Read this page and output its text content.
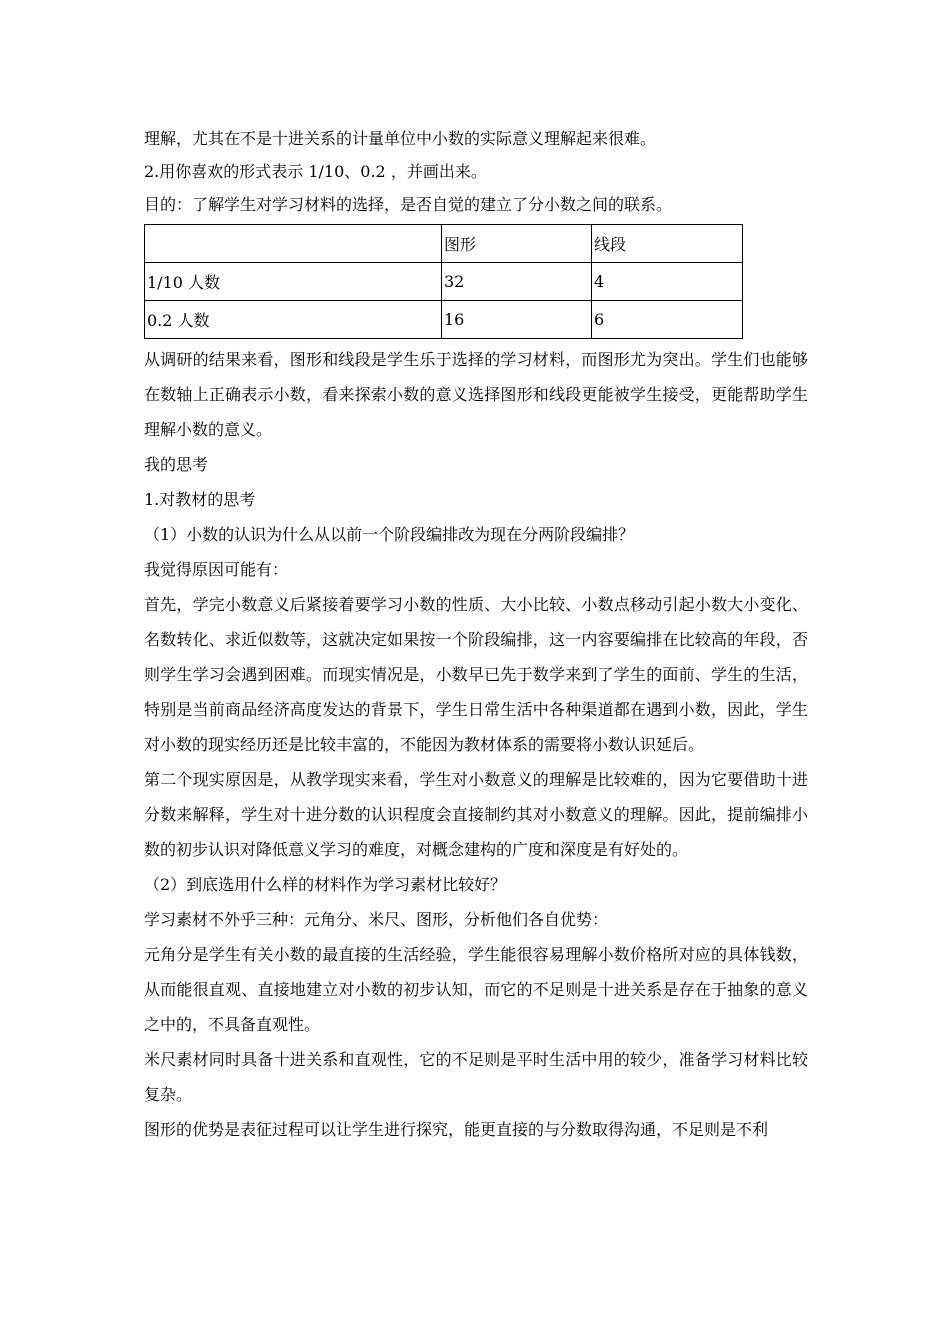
理解，尤其在不是十进关系的计量单位中小数的实际意义理解起来很难。

2.用你喜欢的形式表示 1/10、0.2 ，并画出来。

目的：了解学生对学习材料的选择，是否自觉的建立了分小数之间的联系。

	图形	线段
1/10 人数	32	4
0.2 人数	16	6

从调研的结果来看，图形和线段是学生乐于选择的学习材料，而图形尤为突出。学生们也能够在数轴上正确表示小数，看来探索小数的意义选择图形和线段更能被学生接受，更能帮助学生理解小数的意义。

我的思考

1.对教材的思考

（1）小数的认识为什么从以前一个阶段编排改为现在分两阶段编排？

我觉得原因可能有：

首先，学完小数意义后紧接着要学习小数的性质、大小比较、小数点移动引起小数大小变化、名数转化、求近似数等，这就决定如果按一个阶段编排，这一内容要编排在比较高的年段，否则学生学习会遇到困难。而现实情况是，小数早已先于数学来到了学生的面前、学生的生活，特别是当前商品经济高度发达的背景下，学生日常生活中各种渠道都在遇到小数，因此，学生对小数的现实经历还是比较丰富的，不能因为教材体系的需要将小数认识延后。

第二个现实原因是，从教学现实来看，学生对小数意义的理解是比较难的，因为它要借助十进分数来解释，学生对十进分数的认识程度会直接制约其对小数意义的理解。因此，提前编排小数的初步认识对降低意义学习的难度，对概念建构的广度和深度是有好处的。

（2）到底选用什么样的材料作为学习素材比较好？

学习素材不外乎三种：元角分、米尺、图形，分析他们各自优势：

元角分是学生有关小数的最直接的生活经验，学生能很容易理解小数价格所对应的具体钱数，从而能很直观、直接地建立对小数的初步认知，而它的不足则是十进关系是存在于抽象的意义之中的，不具备直观性。

米尺素材同时具备十进关系和直观性，它的不足则是平时生活中用的较少，准备学习材料比较复杂。

图形的优势是表征过程可以让学生进行探究，能更直接的与分数取得沟通，不足则是不利
